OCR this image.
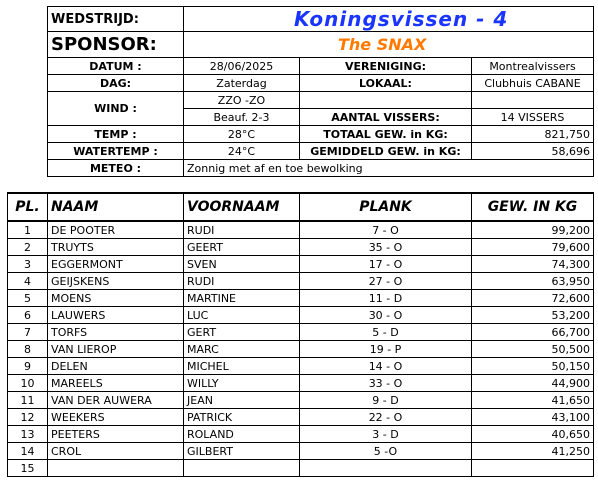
WEDSTRIJD:	Koningsvissen - 4		
SPONSOR:	The SNAX		
DATUM :	28/06/2025	VERENIGING:	Montrealvissers
DAG:	Zaterdag	LOKAAL:	Clubhuis CABANE
WIND :	ZZO -ZO		
	Beauf. 2-3	AANTAL VISSERS:	14 VISSERS
TEMP :	28°C	TOTAAL GEW. in KG:	821,750
WATERTEMP :	24°C	GEMIDDELD GEW. in KG:	58,696
METEO :	Zonnig met af en toe bewolking		
PL.	NAAM	VOORNAAM	PLANK	GEW. IN KG
1	DE POOTER	RUDI	7 - O	99,200
2	TRUYTS	GEERT	35 - O	79,600
3	EGGERMONT	SVEN	17 - O	74,300
4	GEIJSKENS	RUDI	27 - O	63,950
5	MOENS	MARTINE	11 - D	72,600
6	LAUWERS	LUC	30 - O	53,200
7	TORFS	GERT	5 - D	66,700
8	VAN LIEROP	MARC	19 - P	50,500
9	DELEN	MICHEL	14 - O	50,150
10	MAREELS	WILLY	33 - O	44,900
11	VAN DER AUWERA	JEAN	9 - D	41,650
12	WEEKERS	PATRICK	22 - O	43,100
13	PEETERS	ROLAND	3 - D	40,650
14	CROL	GILBERT	5 -O	41,250
15				
